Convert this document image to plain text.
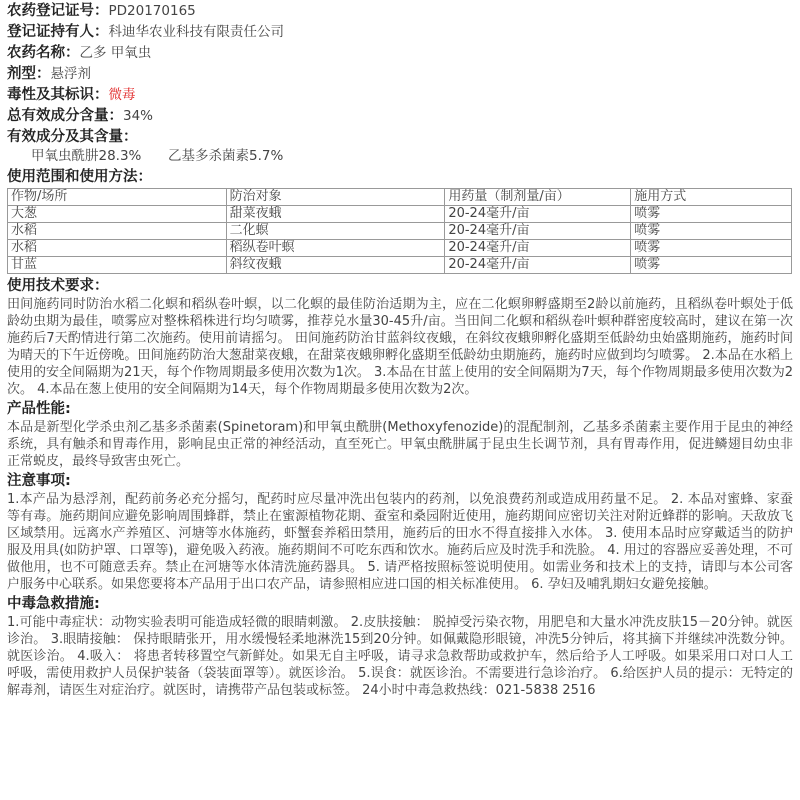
农药登记证号：PD20170165
登记证持有人：科迪华农业科技有限责任公司
农药名称：乙多 甲氧虫
剂型：悬浮剂
毒性及其标识：微毒
总有效成分含量：34%
有效成分及其含量：
甲氧虫酰肼28.3% 乙基多杀菌素5.7%
使用范围和使用方法：
作物/场所	防治对象	用药量（制剂量/亩）	施用方式
大葱	甜菜夜蛾	20-24毫升/亩	喷雾
水稻	二化螟	20-24毫升/亩	喷雾
水稻	稻纵卷叶螟	20-24毫升/亩	喷雾
甘蓝	斜纹夜蛾	20-24毫升/亩	喷雾
使用技术要求：
田间施药同时防治水稻二化螟和稻纵卷叶螟，以二化螟的最佳防治适期为主，应在二化螟卵孵盛期至2龄以前施药，且稻纵卷叶螟处于低龄幼虫期为最佳，喷雾应对整株稻株进行均匀喷雾，推荐兑水量30-45升/亩。当田间二化螟和稻纵卷叶螟种群密度较高时，建议在第一次施药后7天酌情进行第二次施药。使用前请摇匀。 田间施药防治甘蓝斜纹夜蛾，在斜纹夜蛾卵孵化盛期至低龄幼虫始盛期施药，施药时间为晴天的下午近傍晚。田间施药防治大葱甜菜夜蛾，在甜菜夜蛾卵孵化盛期至低龄幼虫期施药，施药时应做到均匀喷雾。 2.本品在水稻上使用的安全间隔期为21天，每个作物周期最多使用次数为1次。 3.本品在甘蓝上使用的安全间隔期为7天，每个作物周期最多使用次数为2次。 4.本品在葱上使用的安全间隔期为14天，每个作物周期最多使用次数为2次。
产品性能:
本品是新型化学杀虫剂乙基多杀菌素(Spinetoram)和甲氧虫酰肼(Methoxyfenozide)的混配制剂，乙基多杀菌素主要作用于昆虫的神经系统，具有触杀和胃毒作用，影响昆虫正常的神经活动，直至死亡。甲氧虫酰肼属于昆虫生长调节剂，具有胃毒作用，促进鳞翅目幼虫非正常蜕皮，最终导致害虫死亡。
注意事项:
1.本产品为悬浮剂，配药前务必充分摇匀，配药时应尽量冲洗出包装内的药剂，以免浪费药剂或造成用药量不足。 2. 本品对蜜蜂、家蚕等有毒。施药期间应避免影响周围蜂群，禁止在蜜源植物花期、蚕室和桑园附近使用，施药期间应密切关注对附近蜂群的影响。天敌放飞区域禁用。远离水产养殖区、河塘等水体施药，虾蟹套养稻田禁用，施药后的田水不得直接排入水体。 3. 使用本品时应穿戴适当的防护服及用具(如防护罩、口罩等)，避免吸入药液。施药期间不可吃东西和饮水。施药后应及时洗手和洗脸。 4. 用过的容器应妥善处理，不可做他用，也不可随意丢弃。禁止在河塘等水体清洗施药器具。 5. 请严格按照标签说明使用。如需业务和技术上的支持，请即与本公司客户服务中心联系。如果您要将本产品用于出口农产品，请参照相应进口国的相关标准使用。 6. 孕妇及哺乳期妇女避免接触。
中毒急救措施:
1.可能中毒症状：动物实验表明可能造成轻微的眼睛刺激。 2.皮肤接触： 脱掉受污染衣物，用肥皂和大量水冲洗皮肤15－20分钟。就医诊治。 3.眼睛接触： 保持眼睛张开，用水缓慢轻柔地淋洗15到20分钟。如佩戴隐形眼镜，冲洗5分钟后，将其摘下并继续冲洗数分钟。就医诊治。 4.吸入： 将患者转移置空气新鲜处。如果无自主呼吸，请寻求急救帮助或救护车，然后给予人工呼吸。如果采用口对口人工呼吸，需使用救护人员保护装备（袋装面罩等）。就医诊治。 5.误食：就医诊治。不需要进行急诊治疗。 6.给医护人员的提示：无特定的解毒剂，请医生对症治疗。就医时，请携带产品包装或标签。 24小时中毒急救热线：021-5838 2516
